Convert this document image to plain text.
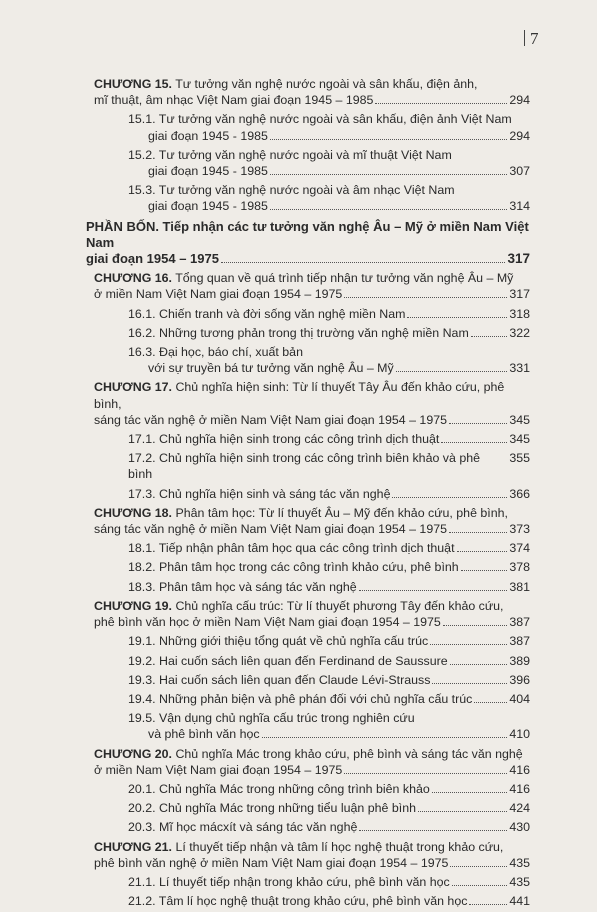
7
CHƯƠNG 15. Tư tưởng văn nghệ nước ngoài và sân khấu, điện ảnh,
mĩ thuật, âm nhạc Việt Nam giai đoạn 1945 – 1985	294
15.1. Tư tưởng văn nghệ nước ngoài và sân khấu, điện ảnh Việt Nam
giai đoạn 1945 - 1985	294
15.2. Tư tưởng văn nghệ nước ngoài và mĩ thuật Việt Nam
giai đoạn 1945 - 1985	307
15.3. Tư tưởng văn nghệ nước ngoài và âm nhạc Việt Nam
giai đoạn 1945 - 1985	314
PHẦN BỐN. Tiếp nhận các tư tưởng văn nghệ Âu – Mỹ ở miền Nam Việt Nam
giai đoạn 1954 – 1975	317
CHƯƠNG 16. Tổng quan về quá trình tiếp nhận tư tưởng văn nghệ Âu – Mỹ
ở miền Nam Việt Nam giai đoạn 1954 – 1975	317
16.1. Chiến tranh và đời sống văn nghệ miền Nam	318
16.2. Những tương phản trong thị trường văn nghệ miền Nam	322
16.3. Đại học, báo chí, xuất bản
với sự truyền bá tư tưởng văn nghệ Âu – Mỹ	331
CHƯƠNG 17. Chủ nghĩa hiện sinh: Từ lí thuyết Tây Âu đến khảo cứu, phê bình,
sáng tác văn nghệ ở miền Nam Việt Nam giai đoạn 1954 – 1975	345
17.1. Chủ nghĩa hiện sinh trong các công trình dịch thuật	345
17.2. Chủ nghĩa hiện sinh trong các công trình biên khảo và phê bình
355
17.3. Chủ nghĩa hiện sinh và sáng tác văn nghệ	366
CHƯƠNG 18. Phân tâm học: Từ lí thuyết Âu – Mỹ đến khảo cứu, phê bình,
sáng tác văn nghệ ở miền Nam Việt Nam giai đoạn 1954 – 1975	373
18.1. Tiếp nhận phân tâm học qua các công trình dịch thuật	374
18.2. Phân tâm học trong các công trình khảo cứu, phê bình	378
18.3. Phân tâm học và sáng tác văn nghệ	381
CHƯƠNG 19. Chủ nghĩa cấu trúc: Từ lí thuyết phương Tây đến khảo cứu,
phê bình văn học ở miền Nam Việt Nam giai đoạn 1954 – 1975	387
19.1. Những giới thiệu tổng quát về chủ nghĩa cấu trúc	387
19.2. Hai cuốn sách liên quan đến Ferdinand de Saussure	389
19.3. Hai cuốn sách liên quan đến Claude Lévi-Strauss	396
19.4. Những phản biện và phê phán đối với chủ nghĩa cấu trúc	404
19.5. Vận dụng chủ nghĩa cấu trúc trong nghiên cứu
và phê bình văn học	410
CHƯƠNG 20. Chủ nghĩa Mác trong khảo cứu, phê bình và sáng tác văn nghệ
ở miền Nam Việt Nam giai đoạn 1954 – 1975	416
20.1. Chủ nghĩa Mác trong những công trình biên khảo	416
20.2. Chủ nghĩa Mác trong những tiểu luận phê bình	424
20.3. Mĩ học mácxít và sáng tác văn nghệ	430
CHƯƠNG 21. Lí thuyết tiếp nhận và tâm lí học nghệ thuật trong khảo cứu,
phê bình văn nghệ ở miền Nam Việt Nam giai đoạn 1954 – 1975	435
21.1. Lí thuyết tiếp nhận trong khảo cứu, phê bình văn học	435
21.2. Tâm lí học nghệ thuật trong khảo cứu, phê bình văn học	441
